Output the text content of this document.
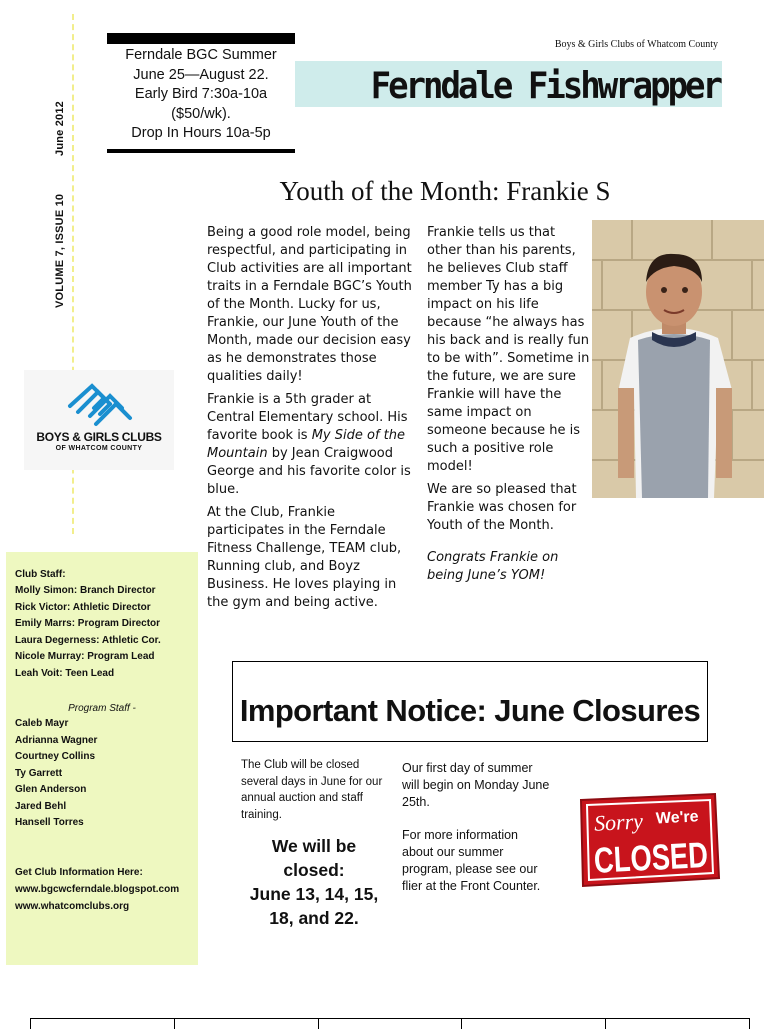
June 2012
VOLUME 7, ISSUE 10
Ferndale BGC Summer
June 25—August 22.
Early Bird 7:30a-10a
($50/wk).
Drop In Hours 10a-5p
Boys & Girls Clubs of Whatcom County
Ferndale Fishwrapper
BOYS & GIRLS CLUBS
OF WHATCOM COUNTY
Club Staff:
Molly Simon: Branch Director
Rick Victor: Athletic Director
Emily Marrs: Program Director
Laura Degerness: Athletic Cor.
Nicole Murray: Program Lead
Leah Voit: Teen Lead
Program Staff -
Caleb Mayr
Adrianna Wagner
Courtney Collins
Ty Garrett
Glen Anderson
Jared Behl
Hansell Torres
Get Club Information Here:
www.bgcwcferndale.blogspot.com
www.whatcomclubs.org
Youth of the Month: Frankie S

Being a good role model, being respectful, and participating in Club activities are all important traits in a Ferndale BGC’s Youth of the Month. Lucky for us, Frankie, our June Youth of the Month, made our decision easy as he demonstrates those qualities daily!

Frankie is a 5th grader at Central Elementary school. His favorite book is My Side of the Mountain by Jean Craigwood George and his favorite color is blue.

At the Club, Frankie participates in the Ferndale Fitness Challenge, TEAM club, Running club, and Boyz Business. He loves playing in the gym and being active.

Frankie tells us that other than his parents, he believes Club staff member Ty has a big impact on his life because “he always has his back and is really fun to be with”. Sometime in the future, we are sure Frankie will have the same impact on someone because he is such a positive role model!

We are so pleased that Frankie was chosen for Youth of the Month.

Congrats Frankie on being June’s YOM!

Important Notice: June Closures
The Club will be closed several days in June for our annual auction and staff training.
We will be
closed:
June 13, 14, 15,
18, and 22.

Our first day of summer will begin on Monday June 25th.

For more information about our summer program, please see our flier at the Front Counter.

Sorry We're
CLOSED
